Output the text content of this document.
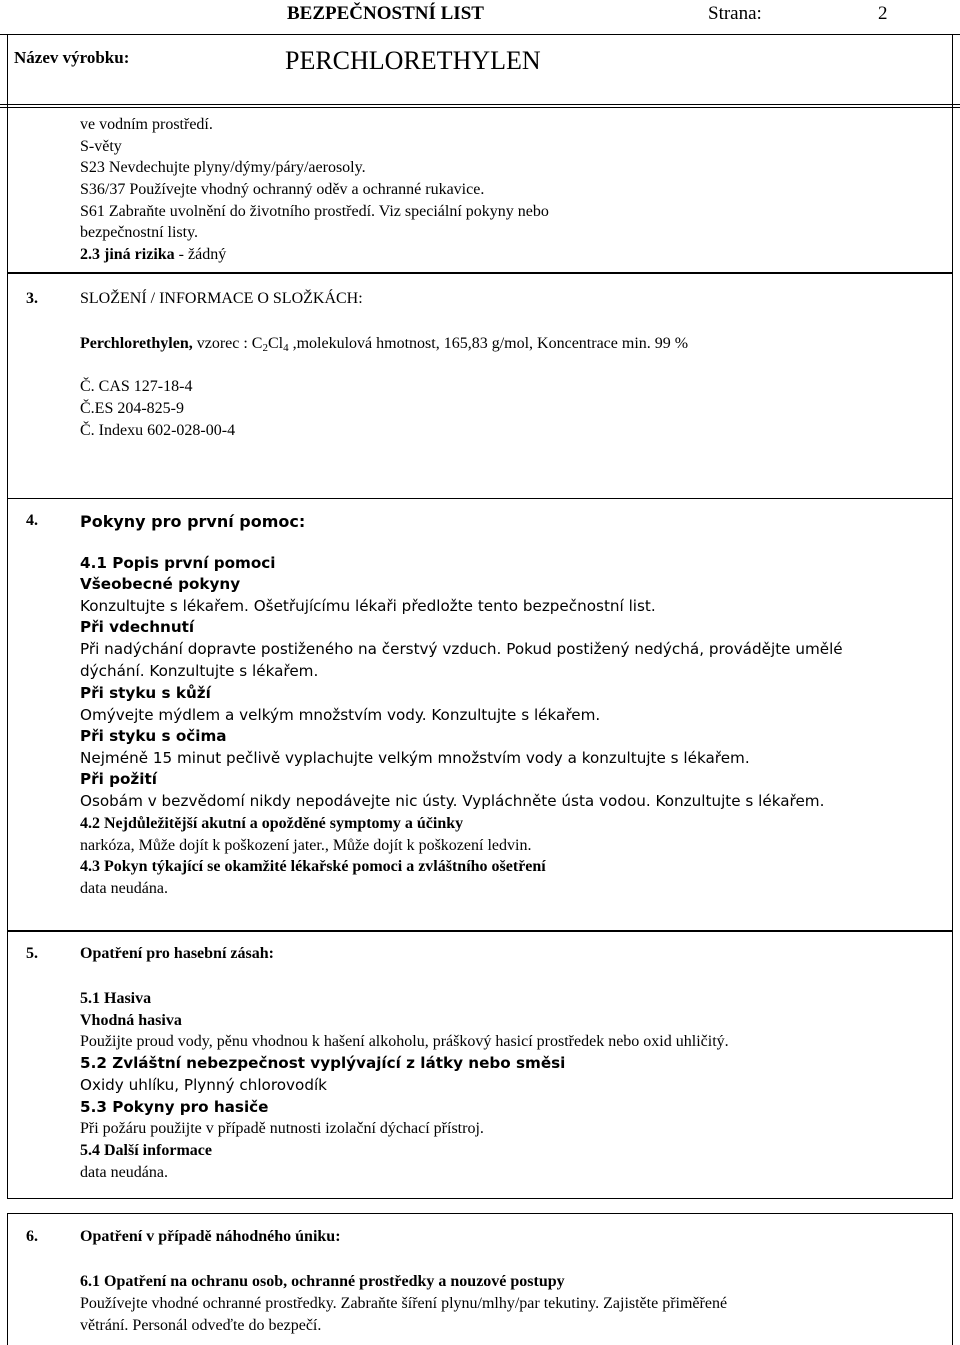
BEZPEČNOSTNÍ LIST	Strana:	2
Název výrobku:	PERCHLORETHYLEN
ve vodním prostředí.
S-věty
S23 Nevdechujte plyny/dýmy/páry/aerosoly.
S36/37 Používejte vhodný ochranný oděv a ochranné rukavice.
S61 Zabraňte uvolnění do životního prostředí. Viz speciální pokyny nebo
bezpečnostní listy.
2.3 jiná rizika - žádný
3.	SLOŽENÍ / INFORMACE O SLOŽKÁCH:
Perchlorethylen, vzorec : $C_2Cl_4$ ,molekulová hmotnost, 165,83 g/mol, Koncentrace min. 99 %
Č. CAS 127-18-4
Č.ES 204-825-9
Č. Indexu 602-028-00-4
4.	Pokyny pro první pomoc:
4.1 Popis první pomoci
Všeobecné pokyny
Konzultujte s lékařem. Ošetřujícímu lékaři předložte tento bezpečnostní list.
Při vdechnutí
Při nadýchání dopravte postiženého na čerstvý vzduch. Pokud postižený nedýchá, provádějte umělé
dýchání. Konzultujte s lékařem.
Při styku s kůží
Omývejte mýdlem a velkým množstvím vody. Konzultujte s lékařem.
Při styku s očima
Nejméně 15 minut pečlivě vyplachujte velkým množstvím vody a konzultujte s lékařem.
Při požití
Osobám v bezvědomí nikdy nepodávejte nic ústy. Vypláchněte ústa vodou. Konzultujte s lékařem.
4.2 Nejdůležitější akutní a opožděné symptomy a účinky
narkóza, Může dojít k poškození jater., Může dojít k poškození ledvin.
4.3 Pokyn týkající se okamžité lékařské pomoci a zvláštního ošetření
data neudána.
5.	Opatření pro hasební zásah:
5.1 Hasiva
Vhodná hasiva
Použijte proud vody, pěnu vhodnou k hašení alkoholu, práškový hasicí prostředek nebo oxid uhličitý.
5.2 Zvláštní nebezpečnost vyplývající z látky nebo směsi
Oxidy uhlíku, Plynný chlorovodík
5.3 Pokyny pro hasiče
Při požáru použijte v případě nutnosti izolační dýchací přístroj.
5.4 Další informace
data neudána.
6.	Opatření v případě náhodného úniku:
6.1 Opatření na ochranu osob, ochranné prostředky a nouzové postupy
Používejte vhodné ochranné prostředky. Zabraňte šíření plynu/mlhy/par tekutiny. Zajistěte přiměřené
větrání. Personál odveďte do bezpečí.
